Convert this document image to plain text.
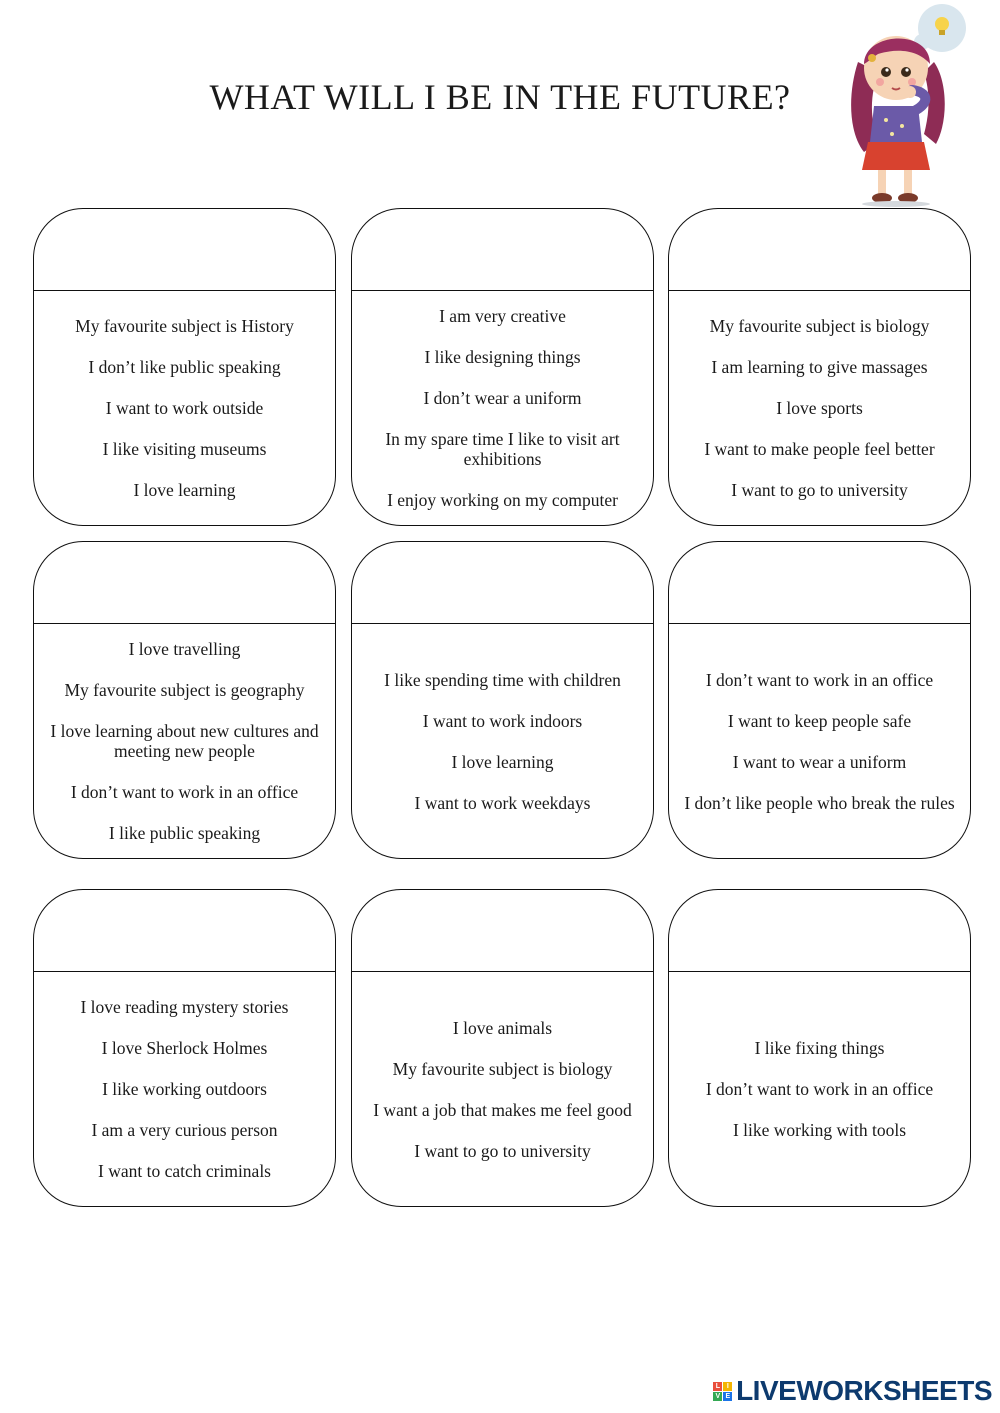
WHAT WILL I BE IN THE FUTURE?

My favourite subject is History

I don’t like public speaking

I want to work outside

I like visiting museums

I love learning

I am very creative

I like designing things

I don’t wear a uniform

In my spare time I like to visit art exhibitions

I enjoy working on my computer

My favourite subject is biology

I am learning to give massages

I love sports

I want to make people feel better

I want to go to university

I love travelling

My favourite subject is geography

I love learning about new cultures and meeting new people

I don’t want to work in an office

I like public speaking

I like spending time with children

I want to work indoors

I love learning

I want to work weekdays

I don’t want to work in an office

I want to keep people safe

I want to wear a uniform

I don’t like people who break the rules

I love reading mystery stories

I love Sherlock Holmes

I like working outdoors

I am a very curious person

I want to catch criminals

I love animals

My favourite subject is biology

I want a job that makes me feel good

I want to go to university

I like fixing things

I don’t want to work in an office

I like working with tools

L	I
V E LIVEWORKSHEETS
